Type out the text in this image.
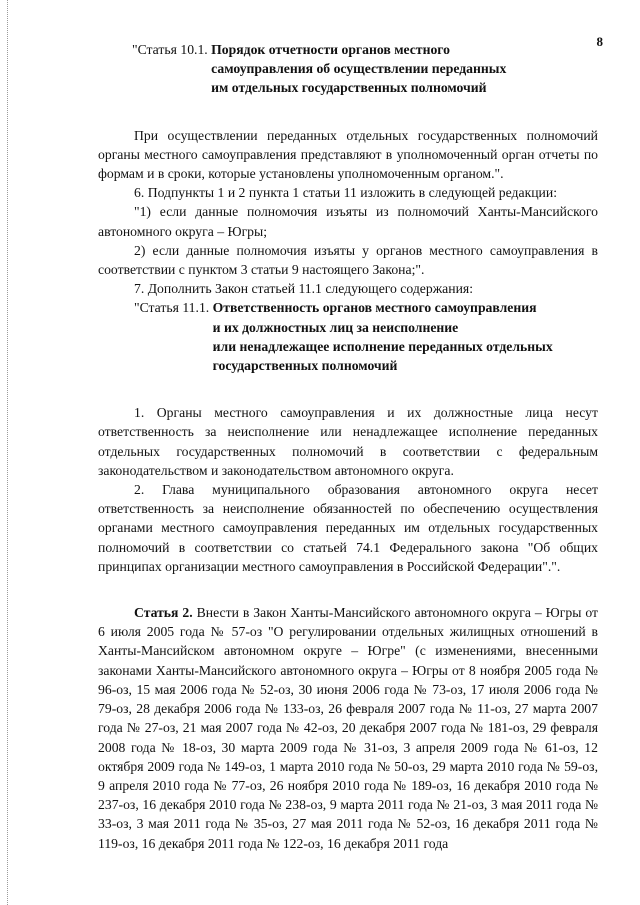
8
"Статья 10.1. Порядок отчетности органов местного
самоуправления об осуществлении переданных
им отдельных государственных полномочий

При осуществлении переданных отдельных государственных полномочий органы местного самоуправления представляют в уполномоченный орган отчеты по формам и в сроки, которые установлены уполномоченным органом.".

6. Подпункты 1 и 2 пункта 1 статьи 11 изложить в следующей редакции:

"1) если данные полномочия изъяты из полномочий Ханты-Мансийского автономного округа – Югры;

2) если данные полномочия изъяты у органов местного самоуправления в соответствии с пунктом 3 статьи 9 настоящего Закона;".

7. Дополнить Закон статьей 11.1 следующего содержания:

"Статья 11.1. Ответственность органов местного самоуправления
и их должностных лиц за неисполнение
или ненадлежащее исполнение переданных отдельных
государственных полномочий

1. Органы местного самоуправления и их должностные лица несут ответственность за неисполнение или ненадлежащее исполнение переданных отдельных государственных полномочий в соответствии с федеральным законодательством и законодательством автономного округа.

2. Глава муниципального образования автономного округа несет ответственность за неисполнение обязанностей по обеспечению осуществления органами местного самоуправления переданных им отдельных государственных полномочий в соответствии со статьей 74.1 Федерального закона "Об общих принципах организации местного самоуправления в Российской Федерации".".

Статья 2. Внести в Закон Ханты-Мансийского автономного округа – Югры от 6 июля 2005 года № 57-оз "О регулировании отдельных жилищных отношений в Ханты-Мансийском автономном округе – Югре" (с изменениями, внесенными законами Ханты-Мансийского автономного округа – Югры от 8 ноября 2005 года № 96-оз, 15 мая 2006 года № 52-оз, 30 июня 2006 года № 73-оз, 17 июля 2006 года № 79-оз, 28 декабря 2006 года № 133-оз, 26 февраля 2007 года № 11-оз, 27 марта 2007 года № 27-оз, 21 мая 2007 года № 42-оз, 20 декабря 2007 года № 181-оз, 29 февраля 2008 года № 18-оз, 30 марта 2009 года № 31-оз, 3 апреля 2009 года № 61-оз, 12 октября 2009 года № 149-оз, 1 марта 2010 года № 50-оз, 29 марта 2010 года № 59-оз, 9 апреля 2010 года № 77-оз, 26 ноября 2010 года № 189-оз, 16 декабря 2010 года № 237-оз, 16 декабря 2010 года № 238-оз, 9 марта 2011 года № 21-оз, 3 мая 2011 года № 33-оз, 3 мая 2011 года № 35-оз, 27 мая 2011 года № 52-оз, 16 декабря 2011 года № 119-оз, 16 декабря 2011 года № 122-оз, 16 декабря 2011 года
